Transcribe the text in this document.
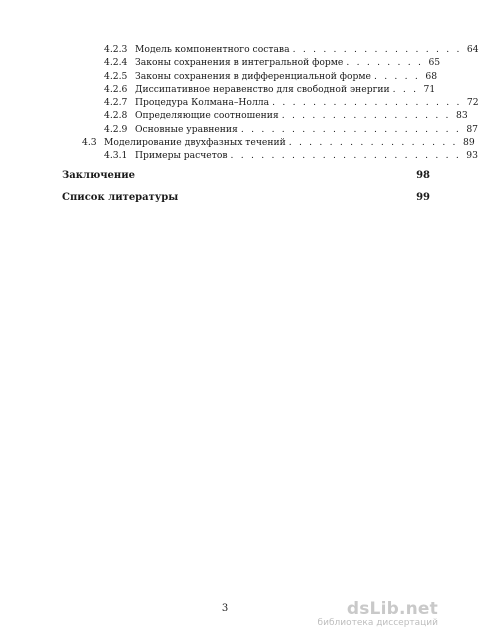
4.2.3 Модель компонентного состава . . . . . . . . . . . . . . . . . 64
4.2.4 Законы сохранения в интегральной форме . . . . . . . . 65
4.2.5 Законы сохранения в дифференциальной форме . . . . . 68
4.2.6 Диссипативное неравенство для свободной энергии . . . 71
4.2.7 Процедура Колмана–Нолла . . . . . . . . . . . . . . . . . . . 72
4.2.8 Определяющие соотношения . . . . . . . . . . . . . . . . . 83
4.2.9 Основные уравнения . . . . . . . . . . . . . . . . . . . . . . 87
4.3 Моделирование двухфазных течений . . . . . . . . . . . . . . . . . 89
4.3.1 Примеры расчетов . . . . . . . . . . . . . . . . . . . . . . . 93
Заключение	98
Список литературы	99
3	dsLib.net
библиотека диссертаций
